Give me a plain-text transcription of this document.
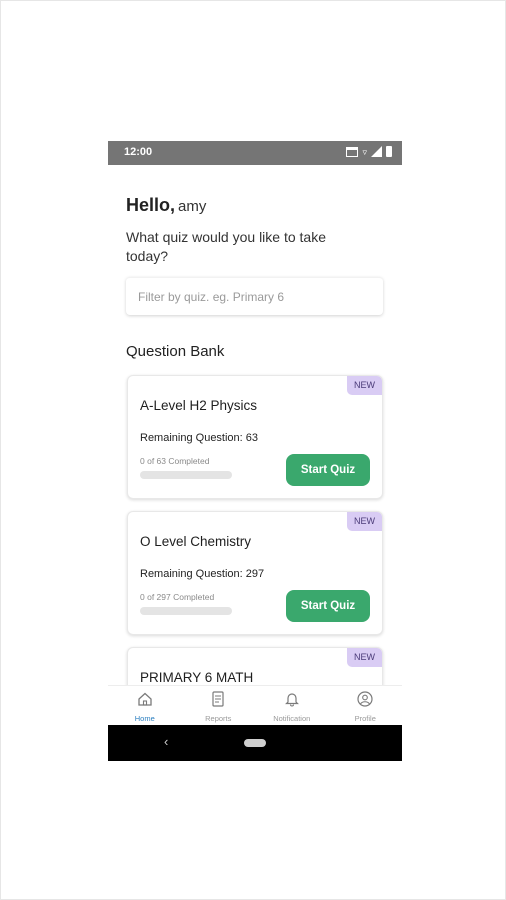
12:00	▿
Hello, amy
What quiz would you like to take today?
Filter by quiz. eg. Primary 6
Question Bank
NEW
A-Level H2 Physics
Remaining Question: 63
0 of 63 Completed
Start Quiz
NEW
O Level Chemistry
Remaining Question: 297
0 of 297 Completed
Start Quiz
NEW
PRIMARY 6 MATH
Home	Reports	Notification	Profile
‹
